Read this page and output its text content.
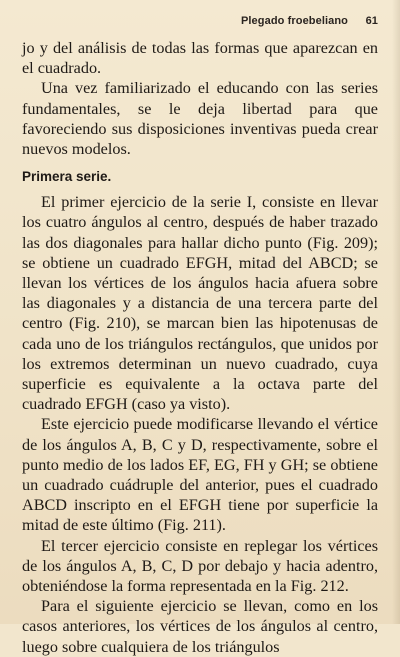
Plegado froebeliano	61

jo y del análisis de todas las formas que aparezcan en el cuadrado.

Una vez familiarizado el educando con las series fundamentales, se le deja libertad para que favoreciendo sus disposiciones inventivas pueda crear nuevos modelos.

Primera serie.

El primer ejercicio de la serie I, consiste en llevar los cuatro ángulos al centro, después de haber trazado las dos diagonales para hallar dicho punto (Fig. 209); se obtiene un cuadrado EFGH, mitad del ABCD; se llevan los vértices de los ángulos hacia afuera sobre las diagonales y a distancia de una tercera parte del centro (Fig. 210), se marcan bien las hipotenusas de cada uno de los triángulos rectángulos, que unidos por los extremos determinan un nuevo cuadrado, cuya superficie es equivalente a la octava parte del cuadrado EFGH (caso ya visto).

Este ejercicio puede modificarse llevando el vértice de los ángulos A, B, C y D, respectivamente, sobre el punto medio de los lados EF, EG, FH y GH; se obtiene un cuadrado cuádruple del anterior, pues el cuadrado ABCD inscripto en el EFGH tiene por superficie la mitad de este último (Fig. 211).

El tercer ejercicio consiste en replegar los vértices de los ángulos A, B, C, D por debajo y hacia adentro, obteniéndose la forma representada en la Fig. 212.

Para el siguiente ejercicio se llevan, como en los casos anteriores, los vértices de los ángulos al centro, luego sobre cualquiera de los triángulos
